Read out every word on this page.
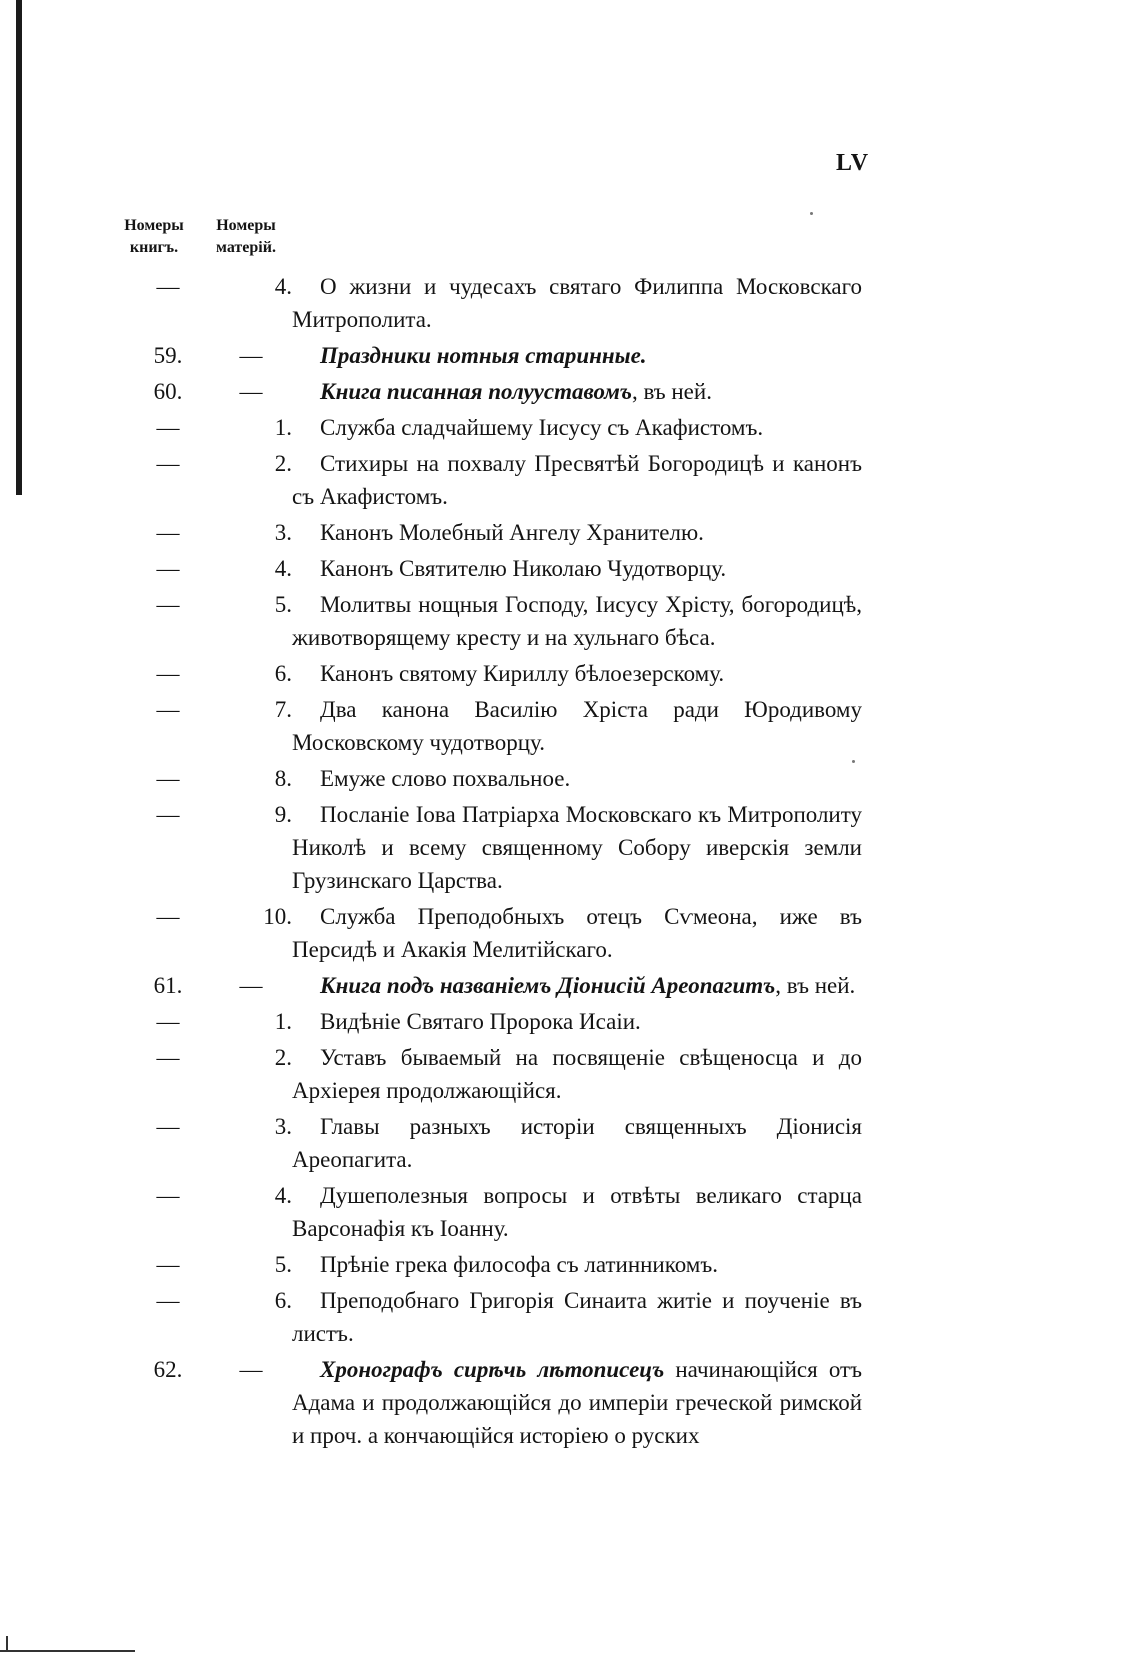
LV
Номеры
книгъ.
Номеры
матерій.
—	4.	О жизни и чудесахъ святаго Филиппа Московскаго Митрополита.
59.	—	Праздники нотныя старинные.
60.	—	Книга писанная полууставомъ, въ ней.
—	1.	Служба сладчайшему Іисусу съ Акафистомъ.
—	2.	Стихиры на похвалу Пресвятѣй Богородицѣ и канонъ съ Акафистомъ.
—	3.	Канонъ Молебный Ангелу Хранителю.
—	4.	Канонъ Святителю Николаю Чудотворцу.
—	5.	Молитвы нощныя Господу, Іисусу Хрісту, богородицѣ, животворящему кресту и на хульнаго бѣса.
—	6.	Канонъ святому Кириллу бѣлоезерскому.
—	7.	Два канона Василію Хріста ради Юродивому Московскому чудотворцу.
—	8.	Емуже слово похвальное.
—	9.	Посланіе Іова Патріарха Московскаго къ Митрополиту Николѣ и всему священному Собору иверскія земли Грузинскаго Царства.
—	10.	Служба Преподобныхъ отецъ Сѵмеона, иже въ Персидѣ и Акакія Мелитійскаго.
61.	—	Книга подъ названіемъ Діонисій Ареопагитъ, въ ней.
—	1.	Видѣніе Святаго Пророка Исаіи.
—	2.	Уставъ бываемый на посвященіе свѣщеносца и до Архіерея продолжающійся.
—	3.	Главы разныхъ исторіи священныхъ Діонисія Ареопагита.
—	4.	Душеполезныя вопросы и отвѣты великаго старца Варсонафія къ Іоанну.
—	5.	Прѣніе грека философа съ латинникомъ.
—	6.	Преподобнаго Григорія Синаита житіе и поученіе въ листъ.
62.	—	Хронографъ сирѣчь лѣтописецъ начинающійся отъ Адама и продолжающійся до имперіи греческой римской и проч. а кончающійся исторіею о руских
